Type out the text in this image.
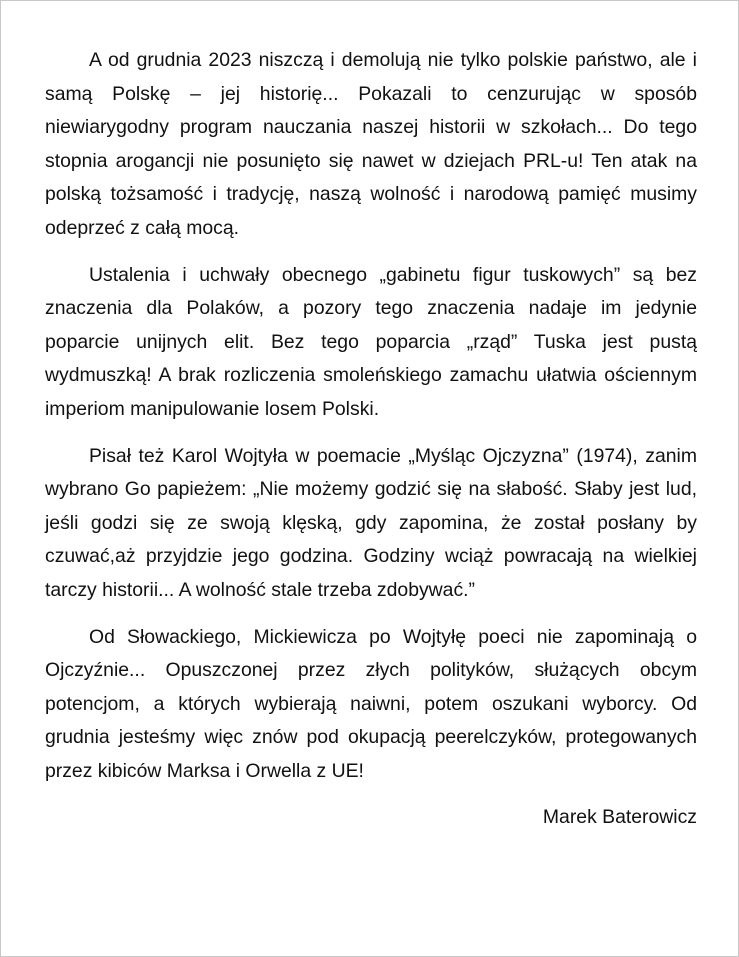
A od grudnia 2023 niszczą i demolują nie tylko polskie państwo, ale i samą Polskę – jej historię... Pokazali to cenzurując w sposób niewiarygodny program nauczania naszej historii w szkołach... Do tego stopnia arogancji nie posunięto się nawet w dziejach PRL-u! Ten atak na polską tożsamość i tradycję, naszą wolność i narodową pamięć musimy odeprzeć z całą mocą.

Ustalenia i uchwały obecnego „gabinetu figur tuskowych” są bez znaczenia dla Polaków, a pozory tego znaczenia nadaje im jedynie poparcie unijnych elit. Bez tego poparcia „rząd” Tuska jest pustą wydmuszką! A brak rozliczenia smoleńskiego zamachu ułatwia ościennym imperiom manipulowanie losem Polski.

Pisał też Karol Wojtyła w poemacie „Myśląc Ojczyzna” (1974), zanim wybrano Go papieżem: „Nie możemy godzić się na słabość. Słaby jest lud, jeśli godzi się ze swoją klęską, gdy zapomina, że został posłany by czuwać,aż przyjdzie jego godzina. Godziny wciąż powracają na wielkiej tarczy historii... A wolność stale trzeba zdobywać.”

Od Słowackiego, Mickiewicza po Wojtyłę poeci nie zapominają o Ojczyźnie... Opuszczonej przez złych polityków, służących obcym potencjom, a których wybierają naiwni, potem oszukani wyborcy. Od grudnia jesteśmy więc znów pod okupacją peerelczyków, protegowanych przez kibiców Marksa i Orwella z UE!

Marek Baterowicz
